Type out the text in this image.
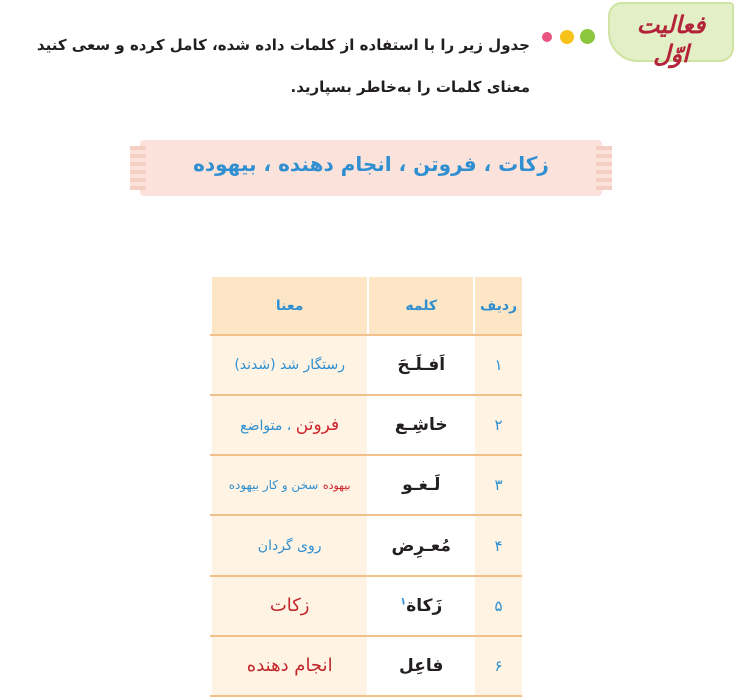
فعالیت اوّل
جدول زیر را با استفاده از کلمات داده شده، کامل کرده و سعی کنید معنای کلمات را به‌خاطر بسپارید.
زکات ، فروتن ، انجام دهنده ، بیهوده
ردیف	کلمه	معنا
۱	اَفـلَـحَ	رستگار شد (شدند)
۲	خاشِـع	فروتن ، متواضع
۳	لَـغـو	بیهوده سخن و کار بیهوده
۴	مُعـرِض	روی گردان
۵	زَکاة$^۱$	زکات
۶	فاعِل	انجام دهنده
